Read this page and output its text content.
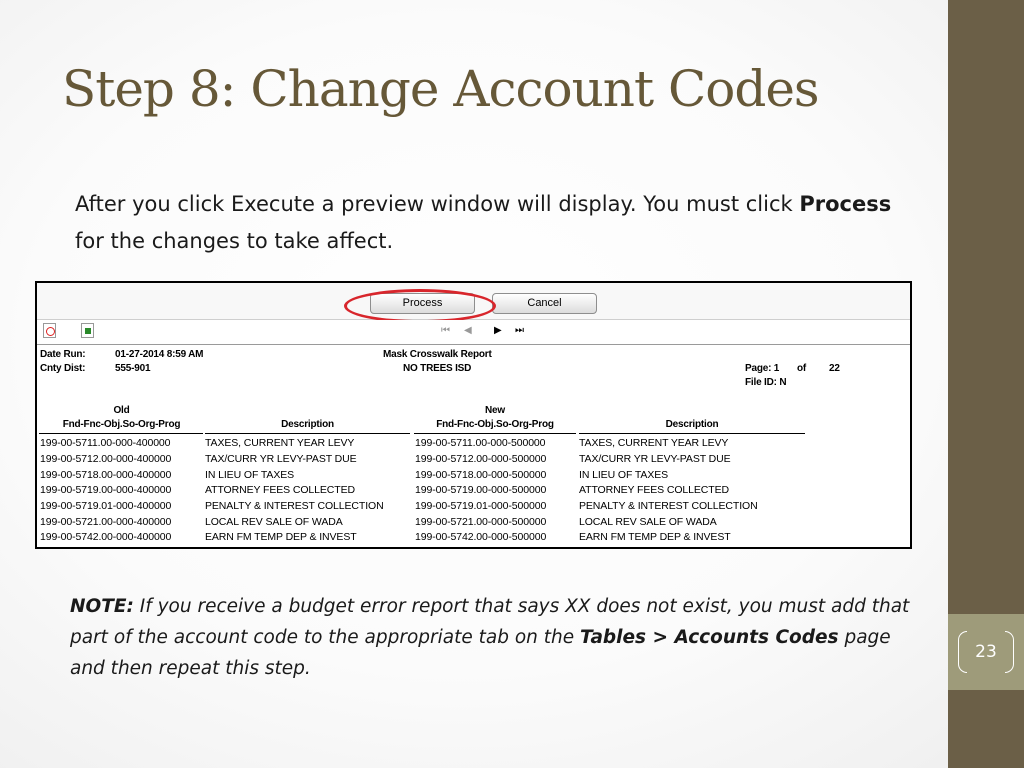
23
Step 8: Change Account Codes
After you click Execute a preview window will display. You must click Process for the changes to take affect.
Process	Cancel
⏮ ◀ ▶ ⏭
Date Run:	01-27-2014 8:59 AM
Cnty Dist:	555-901
Mask Crosswalk Report
NO TREES ISD	Page: 1 of 22
File ID: N
Old
Fnd-Fnc-Obj.So-Org-Prog	Description
New
Fnd-Fnc-Obj.So-Org-Prog	Description
199-00-5711.00-000-400000	TAXES, CURRENT YEAR LEVY	199-00-5711.00-000-500000	TAXES, CURRENT YEAR LEVY
199-00-5712.00-000-400000	TAX/CURR YR LEVY-PAST DUE	199-00-5712.00-000-500000	TAX/CURR YR LEVY-PAST DUE
199-00-5718.00-000-400000	IN LIEU OF TAXES	199-00-5718.00-000-500000	IN LIEU OF TAXES
199-00-5719.00-000-400000	ATTORNEY FEES COLLECTED	199-00-5719.00-000-500000	ATTORNEY FEES COLLECTED
199-00-5719.01-000-400000	PENALTY & INTEREST COLLECTION	199-00-5719.01-000-500000	PENALTY & INTEREST COLLECTION
199-00-5721.00-000-400000	LOCAL REV SALE OF WADA	199-00-5721.00-000-500000	LOCAL REV SALE OF WADA
199-00-5742.00-000-400000	EARN FM TEMP DEP & INVEST	199-00-5742.00-000-500000	EARN FM TEMP DEP & INVEST
NOTE: If you receive a budget error report that says XX does not exist, you must add that part of the account code to the appropriate tab on the Tables > Accounts Codes page and then repeat this step.
